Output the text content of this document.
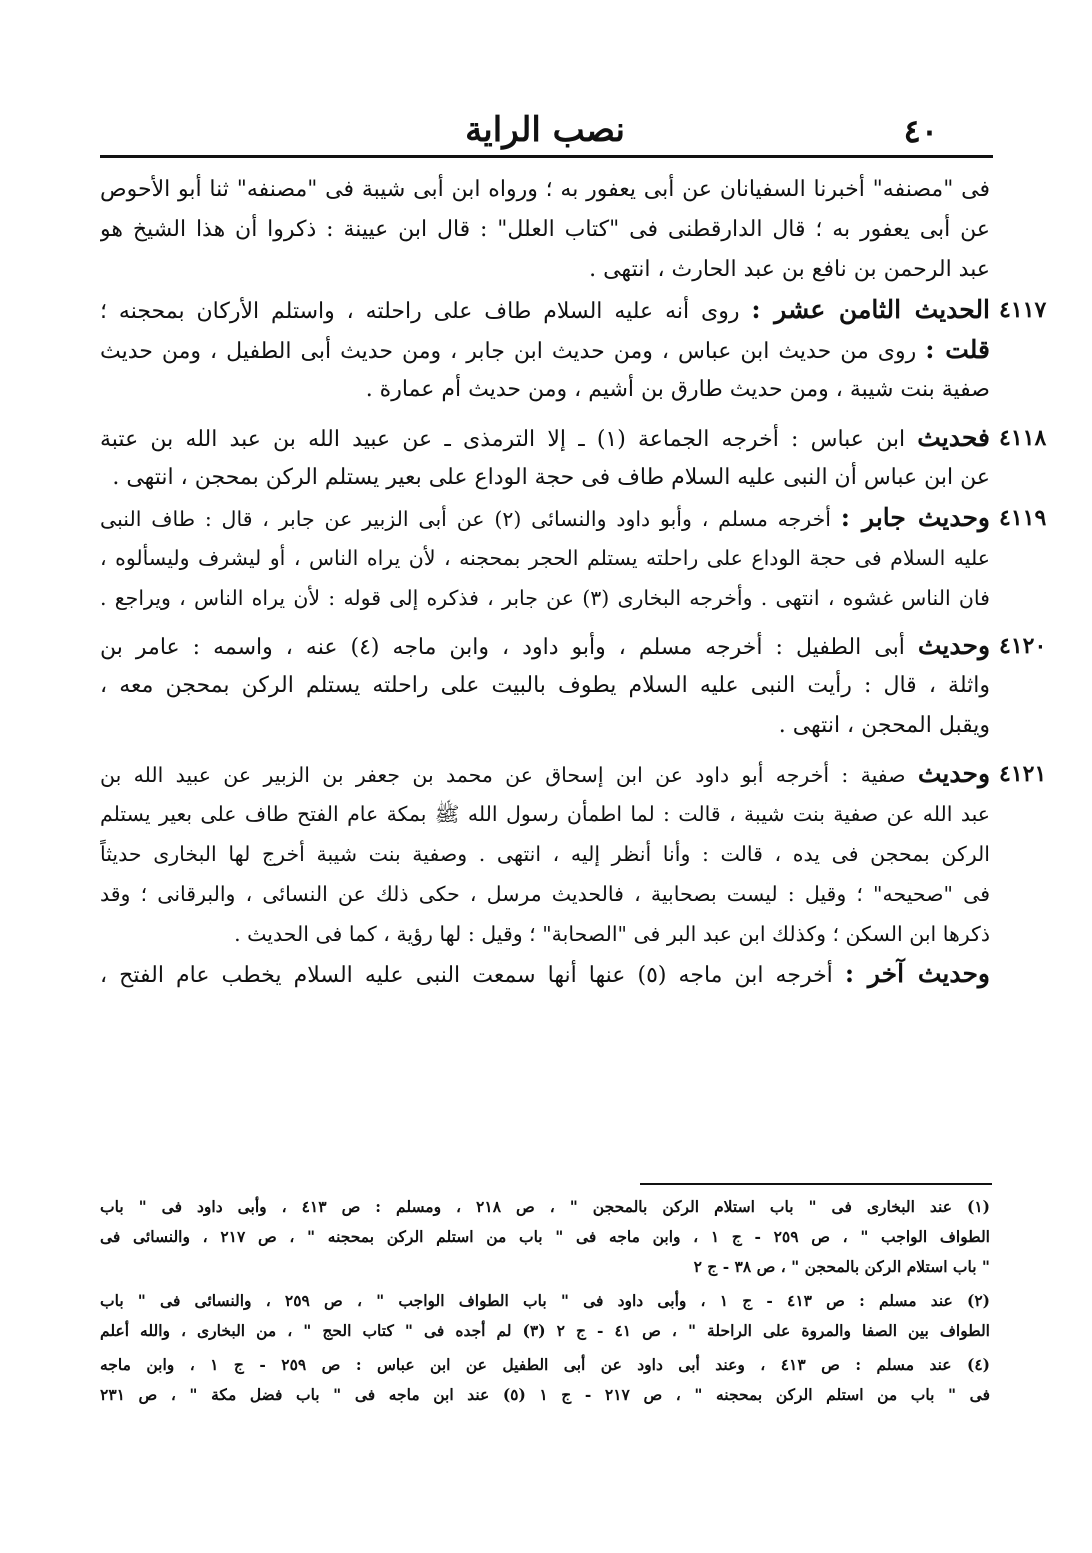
٤٠
نصب الراية
فى "مصنفه" أخبرنا السفيانان عن أبى يعفور به ؛ ورواه ابن أبى شيبة فى "مصنفه" ثنا أبو الأحوص
عن أبى يعفور به ؛ قال الدارقطنى فى "كتاب العلل" : قال ابن عيينة : ذكروا أن هذا الشيخ هو
عبد الرحمن بن نافع بن عبد الحارث ، انتهى .
٤١١٧
الحديث الثامن عشر : روى أنه عليه السلام طاف على راحلته ، واستلم الأركان بمحجنه ؛
قلت : روى من حديث ابن عباس ، ومن حديث ابن جابر ، ومن حديث أبى الطفيل ، ومن حديث
صفية بنت شيبة ، ومن حديث طارق بن أشيم ، ومن حديث أم عمارة .
٤١١٨
فحديث ابن عباس : أخرجه الجماعة (١) ـ إلا الترمذى ـ عن عبيد الله بن عبد الله بن عتبة
عن ابن عباس أن النبى عليه السلام طاف فى حجة الوداع على بعير يستلم الركن بمحجن ، انتهى .
٤١١٩
وحديث جابر : أخرجه مسلم ، وأبو داود والنسائى (٢) عن أبى الزبير عن جابر ، قال : طاف النبى
عليه السلام فى حجة الوداع على راحلته يستلم الحجر بمحجنه ، لأن يراه الناس ، أو ليشرف وليسألوه ،
فان الناس غشوه ، انتهى . وأخرجه البخارى (٣) عن جابر ، فذكره إلى قوله : لأن يراه الناس ، ويراجع .
٤١٢٠
وحديث أبى الطفيل : أخرجه مسلم ، وأبو داود ، وابن ماجه (٤) عنه ، واسمه : عامر بن
واثلة ، قال : رأيت النبى عليه السلام يطوف بالبيت على راحلته يستلم الركن بمحجن معه ،
ويقبل المحجن ، انتهى .
٤١٢١
وحديث صفية : أخرجه أبو داود عن ابن إسحاق عن محمد بن جعفر بن الزبير عن عبيد الله بن
عبد الله عن صفية بنت شيبة ، قالت : لما اطمأن رسول الله ﷺ بمكة عام الفتح طاف على بعير يستلم
الركن بمحجن فى يده ، قالت : وأنا أنظر إليه ، انتهى . وصفية بنت شيبة أخرج لها البخارى حديثاً
فى "صحيحه" ؛ وقيل : ليست بصحابية ، فالحديث مرسل ، حكى ذلك عن النسائى ، والبرقانى ؛ وقد
ذكرها ابن السكن ؛ وكذلك ابن عبد البر فى "الصحابة" ؛ وقيل : لها رؤية ، كما فى الحديث .
وحديث آخر : أخرجه ابن ماجه (٥) عنها أنها سمعت النبى عليه السلام يخطب عام الفتح ،
(١) عند البخارى فى " باب استلام الركن بالمحجن " ، ص ٢١٨ ، ومسلم : ص ٤١٣ ، وأبى داود فى " باب
الطواف الواجب " ، ص ٢٥٩ - ج ١ ، وابن ماجه فى " باب من استلم الركن بمحجنه " ، ص ٢١٧ ، والنسائى فى
" باب استلام الركن بالمحجن " ، ص ٣٨ - ج ٢
(٢) عند مسلم : ص ٤١٣ - ج ١ ، وأبى داود فى " باب الطواف الواجب " ، ص ٢٥٩ ، والنسائى فى " باب
الطواف بين الصفا والمروة على الراحلة " ، ص ٤١ - ج ٢ (٣) لم أجده فى " كتاب الحج " ، من البخارى ، والله أعلم
(٤) عند مسلم : ص ٤١٣ ، وعند أبى داود عن أبى الطفيل عن ابن عباس : ص ٢٥٩ - ج ١ ، وابن ماجه
فى " باب من استلم الركن بمحجنه " ، ص ٢١٧ - ج ١ (٥) عند ابن ماجه فى " باب فضل مكة " ، ص ٢٣١
